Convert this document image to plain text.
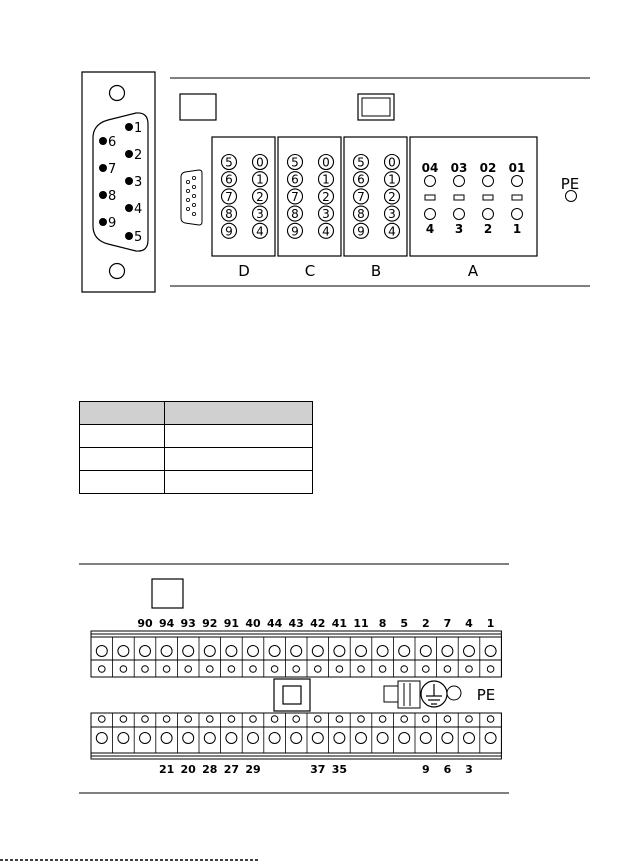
1
2
3
4
5
6
7
8
9
5 0
6 1
7 2
8 3
9 4
D
5 0
6 1
7 2
8 3
9 4
C
5 0
6 1
7 2
8 3
9 4
B
04
4
03
3
02
2
01
1
A
PE
90 94 93 92 91 40 44 43 42 41 11 8 5 2 7 4 1
21 20 28 27 29	37 35	9 6 3
PE
